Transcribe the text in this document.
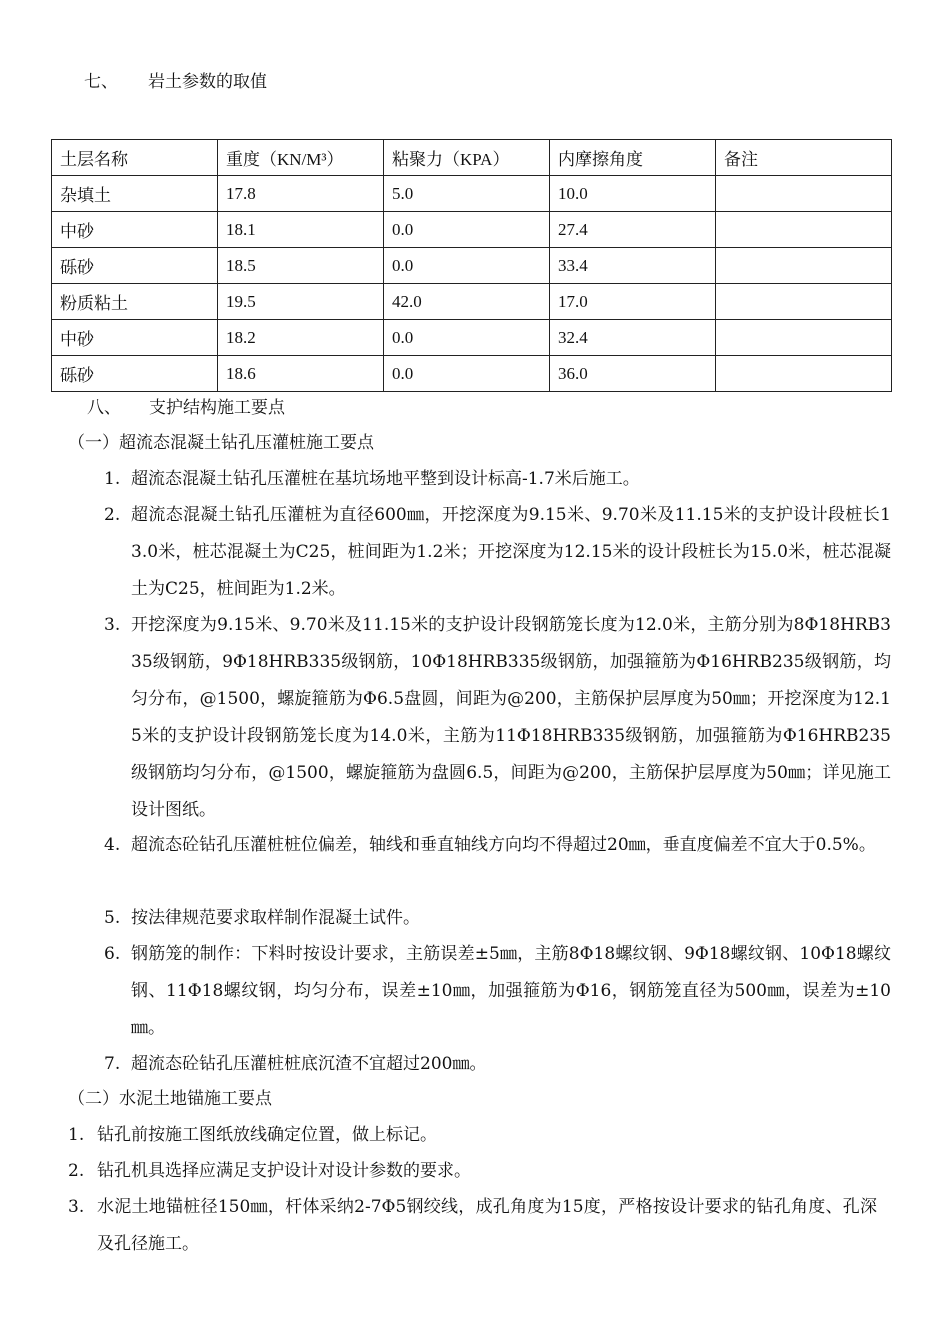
七、 岩土参数的取值
土层名称	重度（KN/M³）	粘聚力（KPA）	内摩擦角度	备注
杂填土	17.8	5.0	10.0	
中砂	18.1	0.0	27.4	
砾砂	18.5	0.0	33.4	
粉质粘土	19.5	42.0	17.0	
中砂	18.2	0.0	32.4	
砾砂	18.6	0.0	36.0	
八、 支护结构施工要点
（一）超流态混凝土钻孔压灌桩施工要点
1. 超流态混凝土钻孔压灌桩在基坑场地平整到设计标高-1.7米后施工。
2. 超流态混凝土钻孔压灌桩为直径600㎜，开挖深度为9.15米、9.70米及11.15米的支护设计段桩长13.0米，桩芯混凝土为C25，桩间距为1.2米；开挖深度为12.15米的设计段桩长为15.0米，桩芯混凝土为C25，桩间距为1.2米。
3. 开挖深度为9.15米、9.70米及11.15米的支护设计段钢筋笼长度为12.0米，主筋分别为8Φ18HRB335级钢筋，9Φ18HRB335级钢筋，10Φ18HRB335级钢筋，加强箍筋为Φ16HRB235级钢筋，均匀分布，@1500，螺旋箍筋为Φ6.5盘圆，间距为@200，主筋保护层厚度为50㎜；开挖深度为12.15米的支护设计段钢筋笼长度为14.0米，主筋为11Φ18HRB335级钢筋，加强箍筋为Φ16HRB235级钢筋均匀分布，@1500，螺旋箍筋为盘圆6.5，间距为@200，主筋保护层厚度为50㎜；详见施工设计图纸。
4. 超流态砼钻孔压灌桩桩位偏差，轴线和垂直轴线方向均不得超过20㎜，垂直度偏差不宜大于0.5%。
5. 按法律规范要求取样制作混凝土试件。
6. 钢筋笼的制作：下料时按设计要求，主筋误差±5㎜，主筋8Φ18螺纹钢、9Φ18螺纹钢、10Φ18螺纹钢、11Φ18螺纹钢，均匀分布，误差±10㎜，加强箍筋为Φ16，钢筋笼直径为500㎜，误差为±10㎜。
7. 超流态砼钻孔压灌桩桩底沉渣不宜超过200㎜。
（二）水泥土地锚施工要点
1. 钻孔前按施工图纸放线确定位置，做上标记。
2. 钻孔机具选择应满足支护设计对设计参数的要求。
3. 水泥土地锚桩径150㎜，杆体采纳2-7Φ5钢绞线，成孔角度为15度，严格按设计要求的钻孔角度、孔深及孔径施工。
